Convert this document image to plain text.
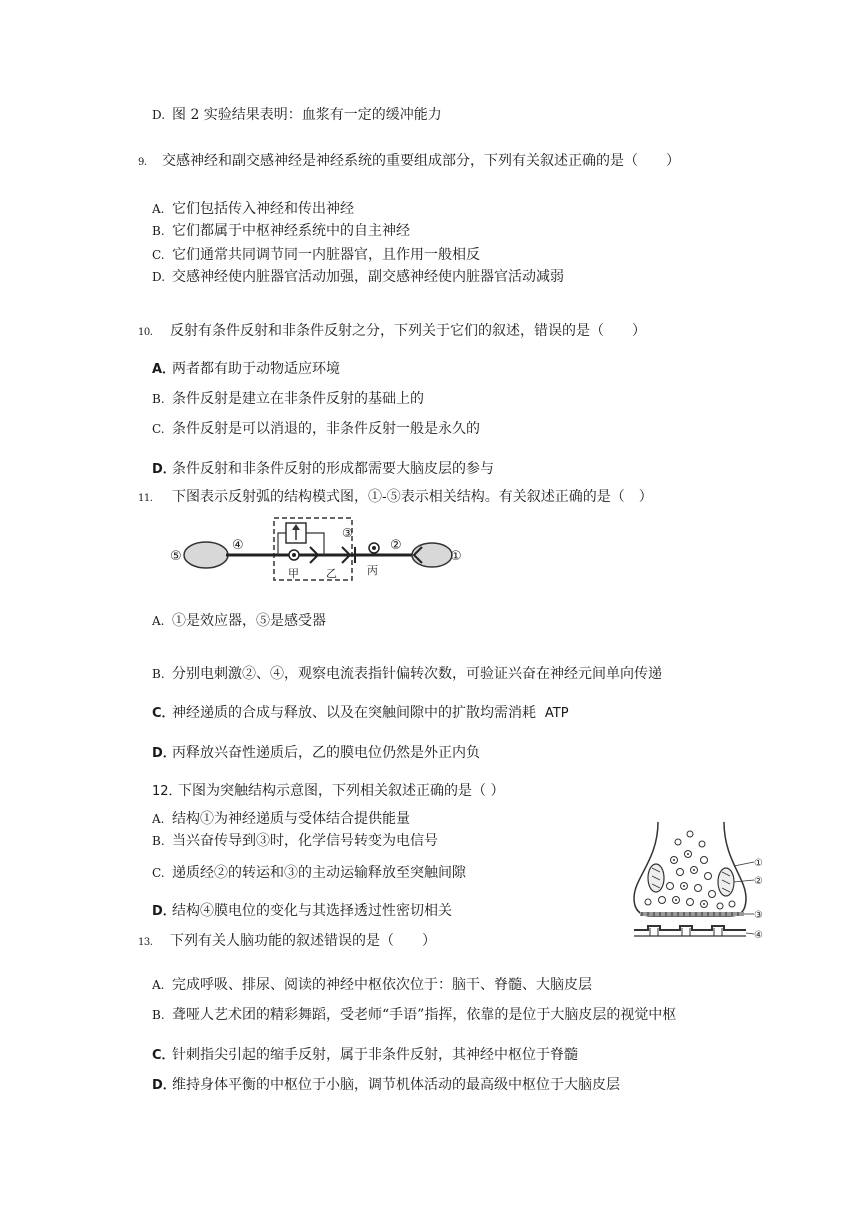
D. 图 2 实验结果表明：血浆有一定的缓冲能力
9. 交感神经和副交感神经是神经系统的重要组成部分，下列有关叙述正确的是（　　）
A. 它们包括传入神经和传出神经
B. 它们都属于中枢神经系统中的自主神经
C. 它们通常共同调节同一内脏器官，且作用一般相反
D. 交感神经使内脏器官活动加强，副交感神经使内脏器官活动减弱
10. 反射有条件反射和非条件反射之分，下列关于它们的叙述，错误的是（　　）
A．两者都有助于动物适应环境
B. 条件反射是建立在非条件反射的基础上的
C. 条件反射是可以消退的，非条件反射一般是永久的
D．条件反射和非条件反射的形成都需要大脑皮层的参与
11. 下图表示反射弧的结构模式图，①-⑤表示相关结构。有关叙述正确的是（　）
⑤
④
③
②
①
甲 乙	丙
A. ①是效应器，⑤是感受器
B. 分别电刺激②、④，观察电流表指针偏转次数，可验证兴奋在神经元间单向传递
C．神经递质的合成与释放、以及在突触间隙中的扩散均需消耗 ATP
D．丙释放兴奋性递质后，乙的膜电位仍然是外正内负
12．下图为突触结构示意图，下列相关叙述正确的是（ ）
A. 结构①为神经递质与受体结合提供能量
B. 当兴奋传导到③时，化学信号转变为电信号
C. 递质经②的转运和③的主动运输释放至突触间隙
D．结构④膜电位的变化与其选择透过性密切相关
①
②
③
④
13. 下列有关人脑功能的叙述错误的是（　　）
A. 完成呼吸、排尿、阅读的神经中枢依次位于：脑干、脊髓、大脑皮层
B. 聋哑人艺术团的精彩舞蹈，受老师“手语”指挥，依靠的是位于大脑皮层的视觉中枢
C．针刺指尖引起的缩手反射，属于非条件反射，其神经中枢位于脊髓
D．维持身体平衡的中枢位于小脑，调节机体活动的最高级中枢位于大脑皮层
